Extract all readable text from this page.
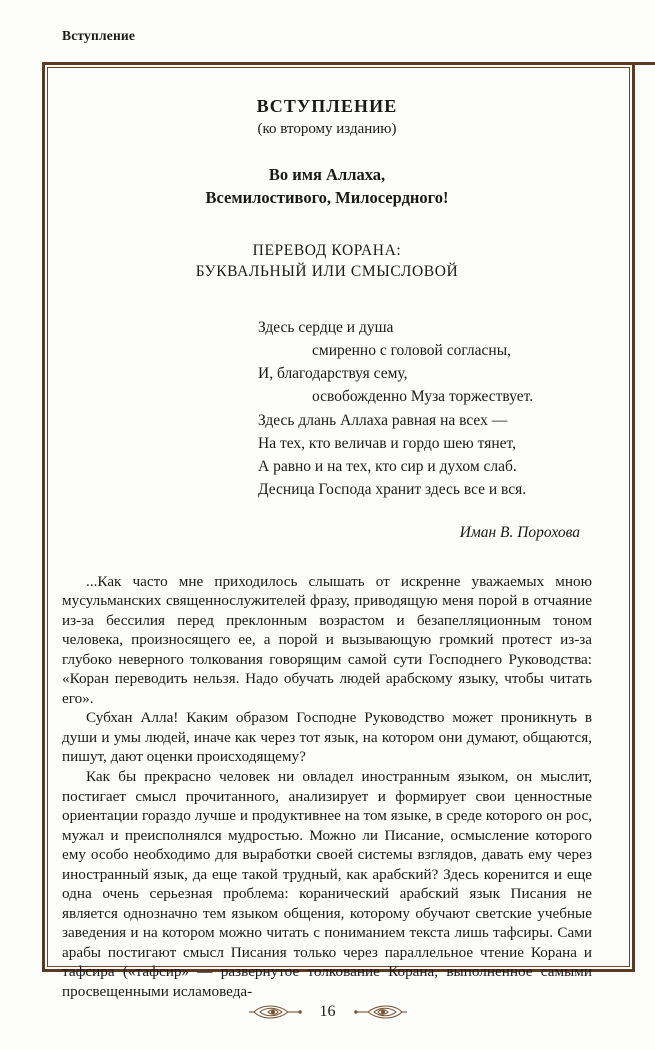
Вступление
ВСТУПЛЕНИЕ
(ко второму изданию)
Во имя Аллаха,
Всемилостивого, Милосердного!
ПЕРЕВОД КОРАНА:
БУКВАЛЬНЫЙ ИЛИ СМЫСЛОВОЙ
Здесь сердце и душа
смиренно с головой согласны,
И, благодарствуя сему,
освобожденно Муза торжествует.
Здесь длань Аллаха равная на всех —
На тех, кто величав и гордо шею тянет,
А равно и на тех, кто сир и духом слаб.
Десница Господа хранит здесь все и вся.
Иман В. Порохова

...Как часто мне приходилось слышать от искренне уважаемых мною мусульманских священнослужителей фразу, приводящую меня порой в отчаяние из-за бессилия перед преклонным возрастом и безапелляционным тоном человека, произносящего ее, а порой и вызывающую громкий протест из-за глубоко неверного толкования говорящим самой сути Господнего Руководства: «Коран переводить нельзя. Надо обучать людей арабскому языку, чтобы читать его».

Субхан Алла! Каким образом Господне Руководство может проникнуть в души и умы людей, иначе как через тот язык, на котором они думают, общаются, пишут, дают оценки происходящему?

Как бы прекрасно человек ни овладел иностранным языком, он мыслит, постигает смысл прочитанного, анализирует и формирует свои ценностные ориентации гораздо лучше и продуктивнее на том языке, в среде которого он рос, мужал и преисполнялся мудростью. Можно ли Писание, осмысление которого ему особо необходимо для выработки своей системы взглядов, давать ему через иностранный язык, да еще такой трудный, как арабский? Здесь коренится и еще одна очень серьезная проблема: коранический арабский язык Писания не является однозначно тем языком общения, которому обучают светские учебные заведения и на котором можно читать с пониманием текста лишь тафсиры. Сами арабы постигают смысл Писания только через параллельное чтение Корана и тафсира («тафсир» — развернутое толкование Корана, выполненное самыми просвещенными исламоведа-

16
